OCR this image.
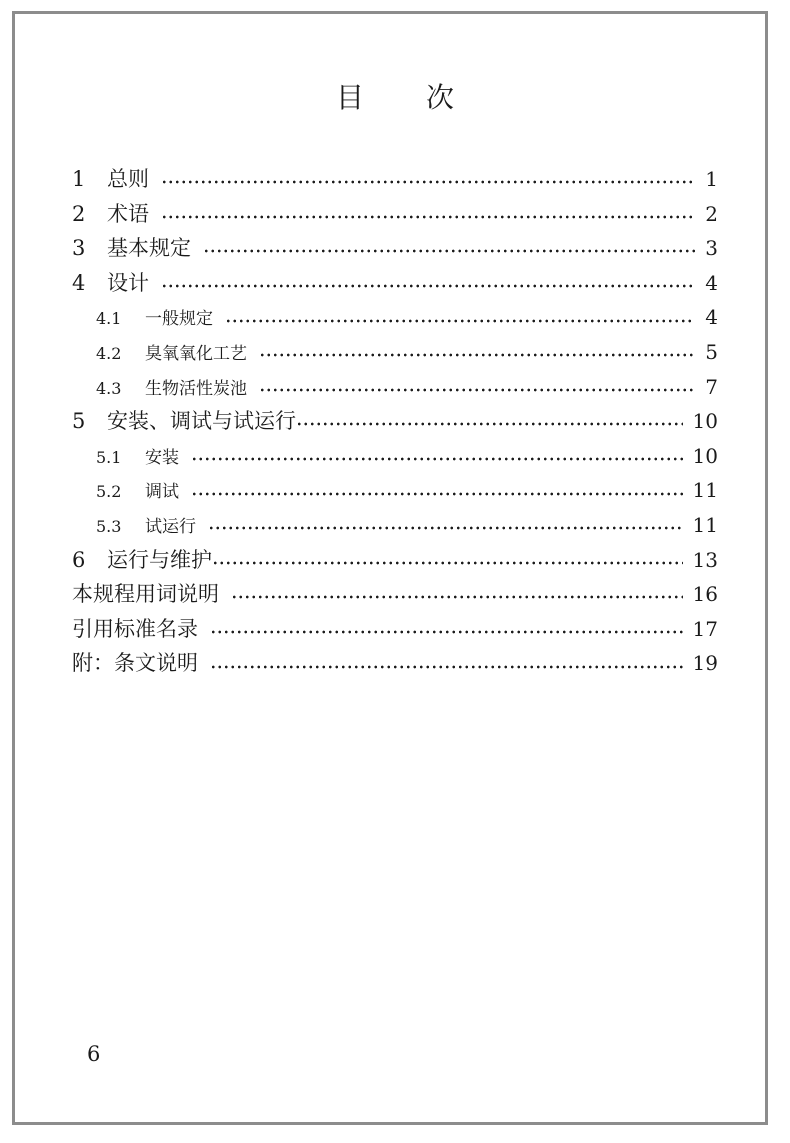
目 次
1	总则	1
2	术语	2
3	基本规定	3
4	设计	4
4.1	一般规定	4
4.2	臭氧氧化工艺	5
4.3	生物活性炭池	7
5	安装、调试与试运行	10
5.1	安装	10
5.2	调试	11
5.3	试运行	11
6	运行与维护	13
本规程用词说明	16
引用标准名录	17
附：条文说明	19
6
